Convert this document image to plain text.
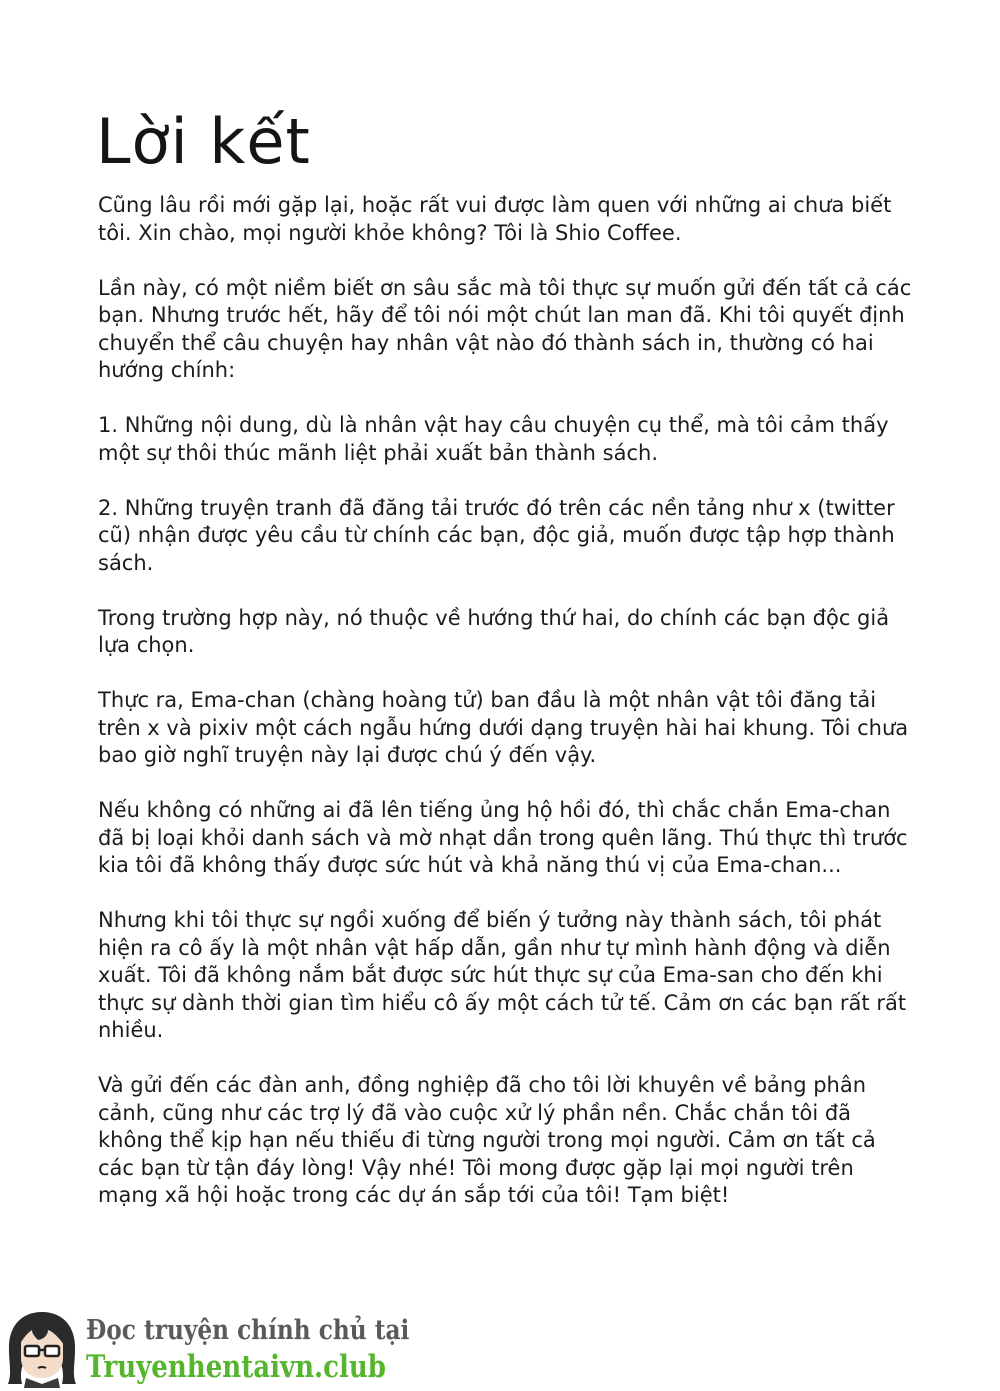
Lời kết

Cũng lâu rồi mới gặp lại, hoặc rất vui được làm quen với những ai chưa biết tôi. Xin chào, mọi người khỏe không? Tôi là Shio Coffee.

Lần này, có một niềm biết ơn sâu sắc mà tôi thực sự muốn gửi đến tất cả các bạn. Nhưng trước hết, hãy để tôi nói một chút lan man đã. Khi tôi quyết định chuyển thể câu chuyện hay nhân vật nào đó thành sách in, thường có hai hướng chính:

1. Những nội dung, dù là nhân vật hay câu chuyện cụ thể, mà tôi cảm thấy một sự thôi thúc mãnh liệt phải xuất bản thành sách.

2. Những truyện tranh đã đăng tải trước đó trên các nền tảng như x (twitter cũ) nhận được yêu cầu từ chính các bạn, độc giả, muốn được tập hợp thành sách.

Trong trường hợp này, nó thuộc về hướng thứ hai, do chính các bạn độc giả lựa chọn.

Thực ra, Ema-chan (chàng hoàng tử) ban đầu là một nhân vật tôi đăng tải trên x và pixiv một cách ngẫu hứng dưới dạng truyện hài hai khung. Tôi chưa bao giờ nghĩ truyện này lại được chú ý đến vậy.

Nếu không có những ai đã lên tiếng ủng hộ hồi đó, thì chắc chắn Ema-chan đã bị loại khỏi danh sách và mờ nhạt dần trong quên lãng. Thú thực thì trước kia tôi đã không thấy được sức hút và khả năng thú vị của Ema-chan...

Nhưng khi tôi thực sự ngồi xuống để biến ý tưởng này thành sách, tôi phát hiện ra cô ấy là một nhân vật hấp dẫn, gần như tự mình hành động và diễn xuất. Tôi đã không nắm bắt được sức hút thực sự của Ema-san cho đến khi thực sự dành thời gian tìm hiểu cô ấy một cách tử tế. Cảm ơn các bạn rất rất nhiều.

Và gửi đến các đàn anh, đồng nghiệp đã cho tôi lời khuyên về bảng phân cảnh, cũng như các trợ lý đã vào cuộc xử lý phần nền. Chắc chắn tôi đã không thể kịp hạn nếu thiếu đi từng người trong mọi người. Cảm ơn tất cả các bạn từ tận đáy lòng! Vậy nhé! Tôi mong được gặp lại mọi người trên mạng xã hội hoặc trong các dự án sắp tới của tôi! Tạm biệt!

Đọc truyện chính chủ tại
Truyenhentaivn.club
